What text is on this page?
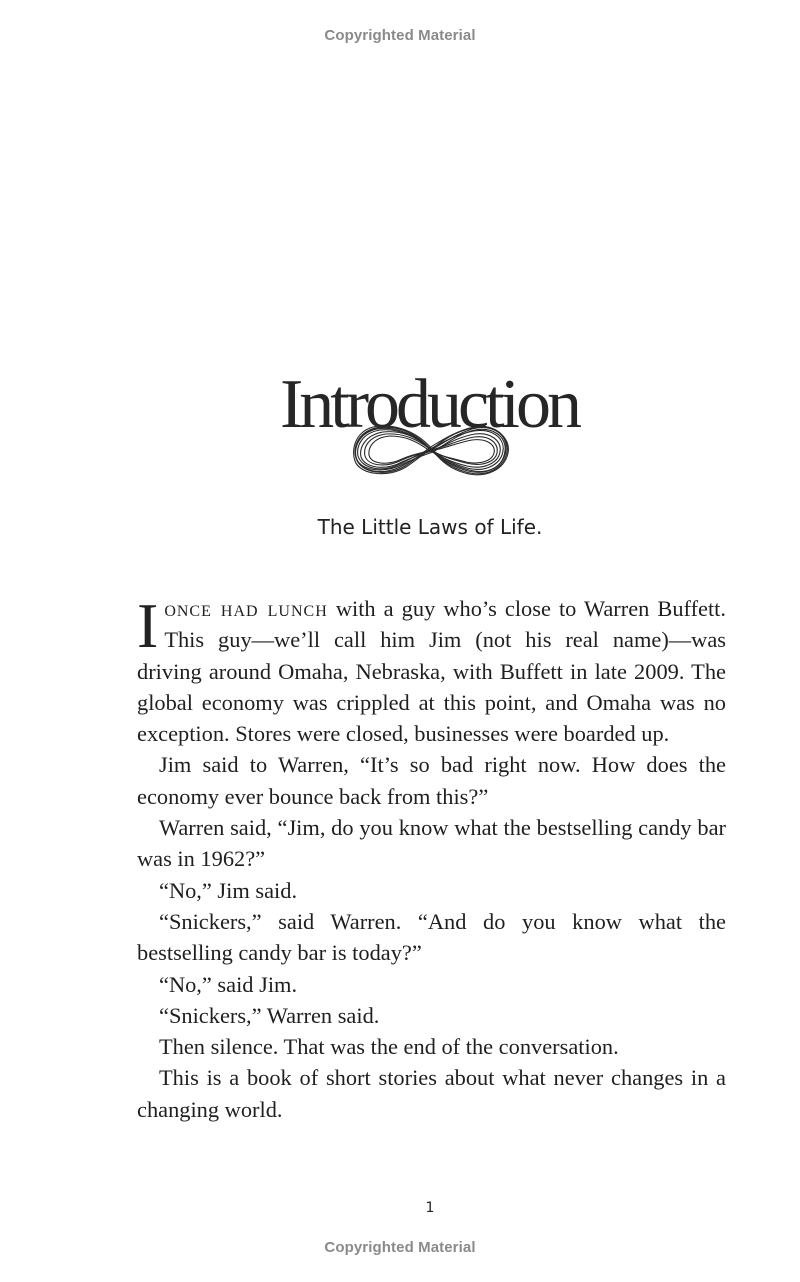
Copyrighted Material
Introduction
The Little Laws of Life.

Ionce had lunch with a guy who’s close to Warren Buffett. This guy—we’ll call him Jim (not his real name)—was driving around Omaha, Nebraska, with Buffett in late 2009. The global economy was crippled at this point, and Omaha was no exception. Stores were closed, businesses were boarded up.

Jim said to Warren, “It’s so bad right now. How does the economy ever bounce back from this?”

Warren said, “Jim, do you know what the bestselling candy bar was in 1962?”

“No,” Jim said.

“Snickers,” said Warren. “And do you know what the bestselling candy bar is today?”

“No,” said Jim.

“Snickers,” Warren said.

Then silence. That was the end of the conversation.

This is a book of short stories about what never changes in a changing world.

1
Copyrighted Material
